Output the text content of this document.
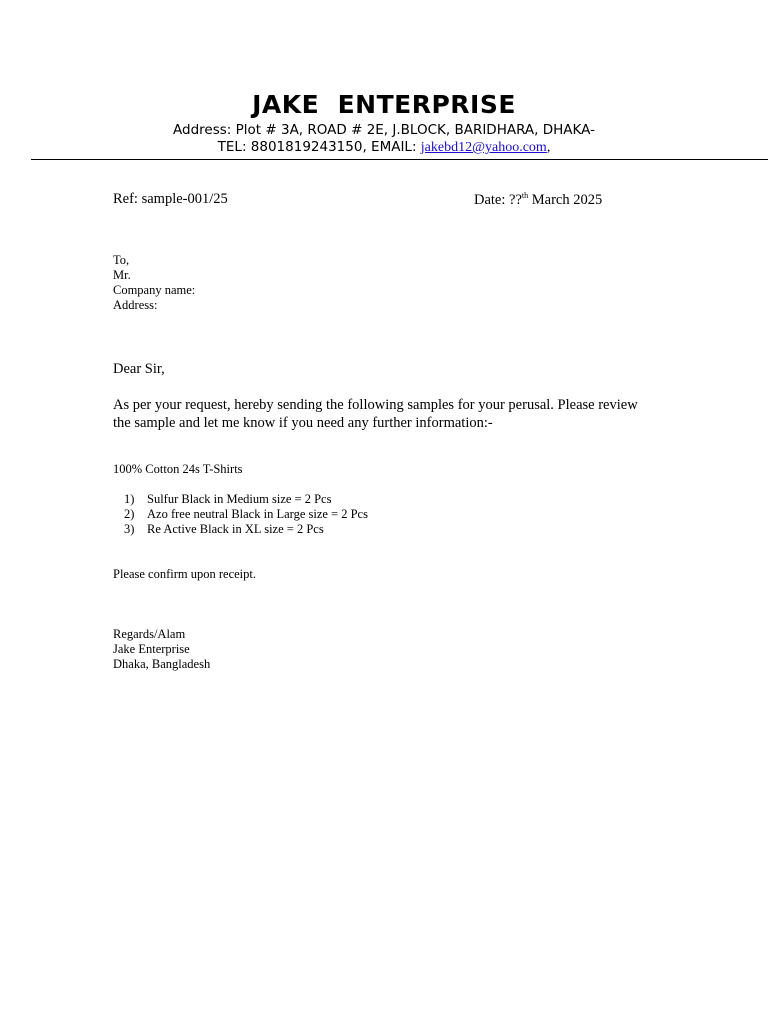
JAKE  ENTERPRISE
Address: Plot # 3A, ROAD # 2E, J.BLOCK, BARIDHARA, DHAKA-
TEL: 8801819243150, EMAIL: jakebd12@yahoo.com,
Ref: sample-001/25	Date: ??$^{th}$ March 2025
To,
Mr.
Company name:
Address:
Dear Sir,
As per your request, hereby sending the following samples for your perusal. Please review the sample and let me know if you need any further information:-
100% Cotton 24s T-Shirts
1)	Sulfur Black in Medium size = 2 Pcs
2)	Azo free neutral Black in Large size = 2 Pcs
3)	Re Active Black in XL size = 2 Pcs
Please confirm upon receipt.
Regards/Alam
Jake Enterprise
Dhaka, Bangladesh
